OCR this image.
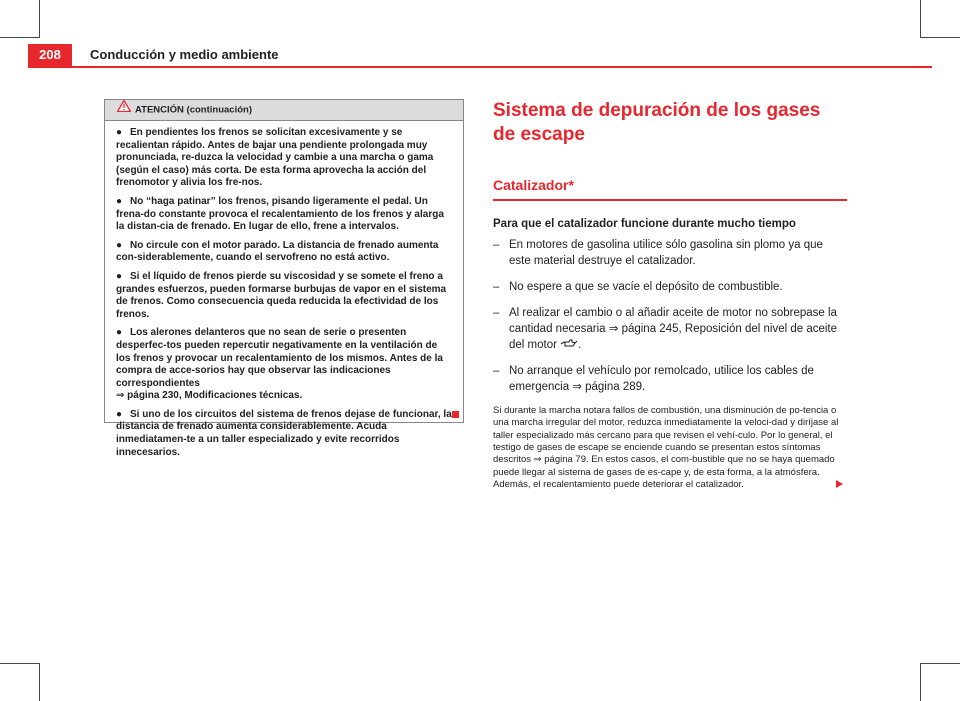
208	Conducción y medio ambiente
ATENCIÓN (continuación)

● En pendientes los frenos se solicitan excesivamente y se recalientan rápido. Antes de bajar una pendiente prolongada muy pronunciada, re-duzca la velocidad y cambie a una marcha o gama (según el caso) más corta. De esta forma aprovecha la acción del frenomotor y alivia los fre-nos.

● No “haga patinar” los frenos, pisando ligeramente el pedal. Un frena-do constante provoca el recalentamiento de los frenos y alarga la distan-cia de frenado. En lugar de ello, frene a intervalos.

● No circule con el motor parado. La distancia de frenado aumenta con-siderablemente, cuando el servofreno no está activo.

● Si el líquido de frenos pierde su viscosidad y se somete el freno a grandes esfuerzos, pueden formarse burbujas de vapor en el sistema de frenos. Como consecuencia queda reducida la efectividad de los frenos.

● Los alerones delanteros que no sean de serie o presenten desperfec-tos pueden repercutir negativamente en la ventilación de los frenos y provocar un recalentamiento de los mismos. Antes de la compra de acce-sorios hay que observar las indicaciones correspondientes
⇒ página 230, Modificaciones técnicas.

● Si uno de los circuitos del sistema de frenos dejase de funcionar, la distancia de frenado aumenta considerablemente. Acuda inmediatamen-te a un taller especializado y evite recorridos innecesarios.

Sistema de depuración de los gases de escape
Catalizador*
Para que el catalizador funcione durante mucho tiempo
– En motores de gasolina utilice sólo gasolina sin plomo ya que este material destruye el catalizador.
– No espere a que se vacíe el depósito de combustible.
– Al realizar el cambio o al añadir aceite de motor no sobrepase la cantidad necesaria ⇒ página 245, Reposición del nivel de aceite del motor .
– No arranque el vehículo por remolcado, utilice los cables de emergencia ⇒ página 289.
Si durante la marcha notara fallos de combustión, una disminución de po-tencia o una marcha irregular del motor, reduzca inmediatamente la veloci-dad y diríjase al taller especializado más cercano para que revisen el vehí-culo. Por lo general, el testigo de gases de escape se enciende cuando se presentan estos síntomas descritos ⇒ página 79. En estos casos, el com-bustible que no se haya quemado puede llegar al sistema de gases de es-cape y, de esta forma, a la atmósfera. Además, el recalentamiento puede deteriorar el catalizador.
